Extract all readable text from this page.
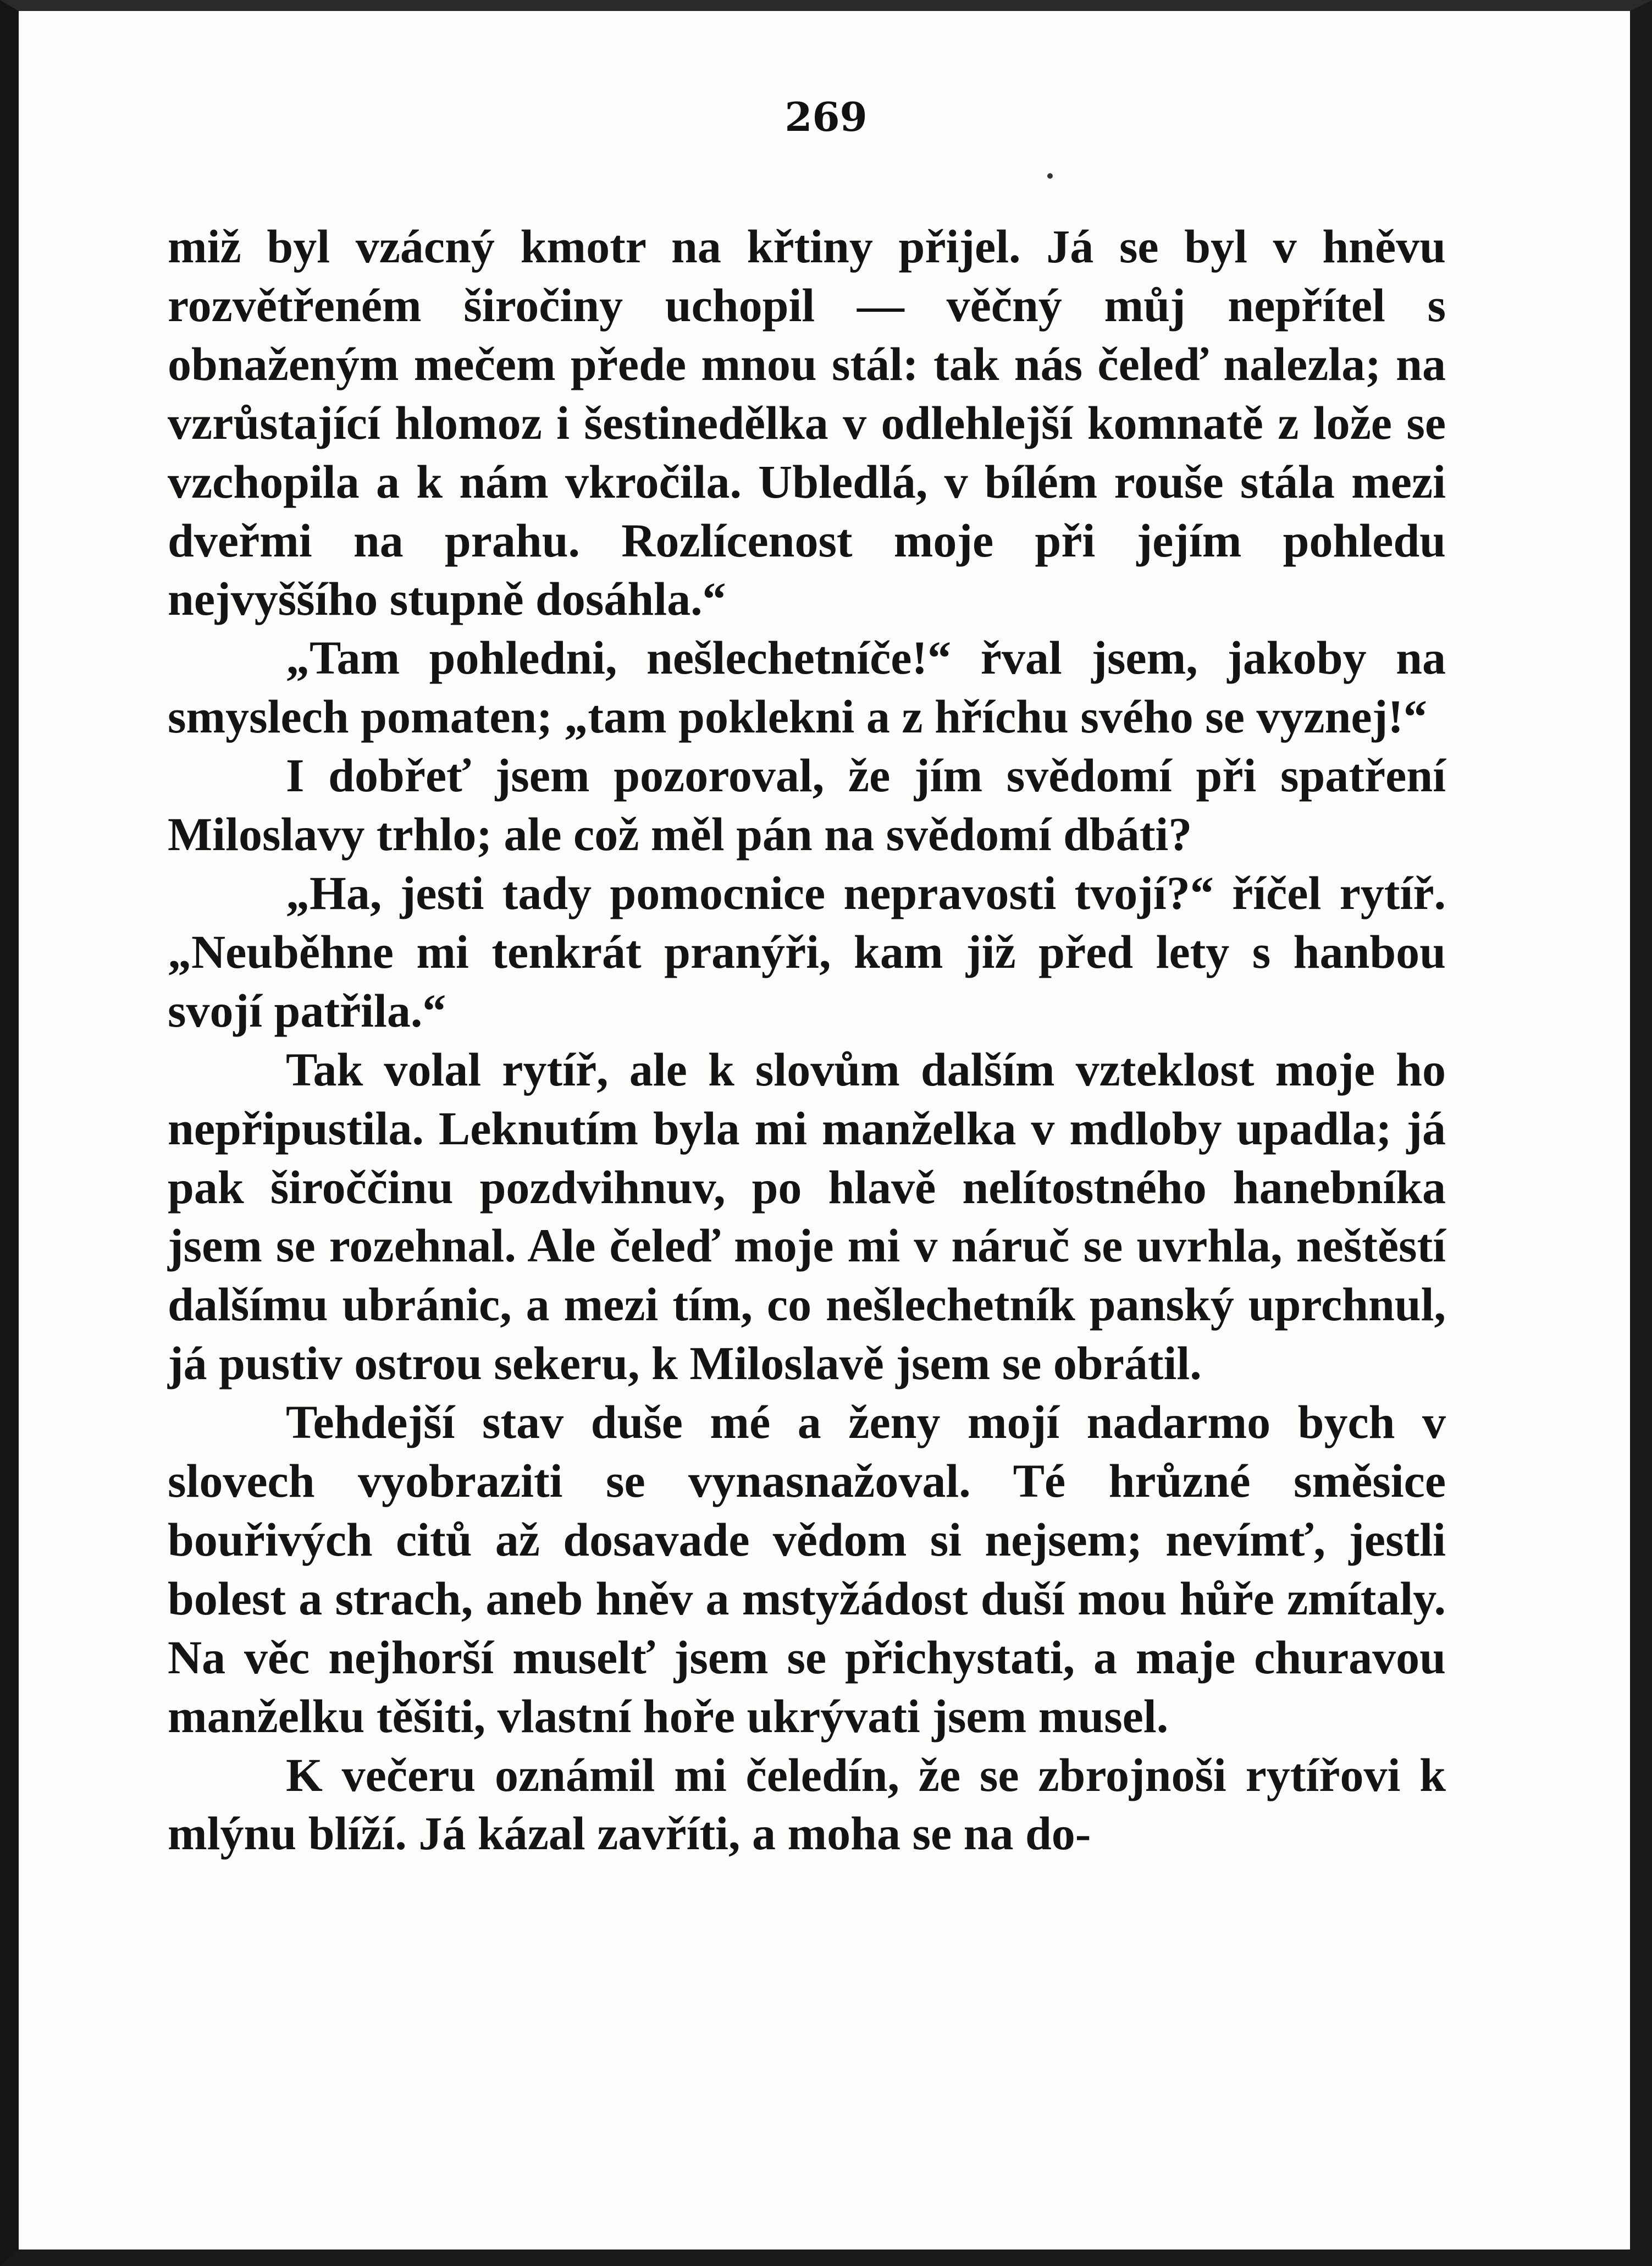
269

miž byl vzácný kmotr na křtiny přijel. Já se byl v hněvu rozvětřeném širočiny uchopil — věčný můj nepřítel s obnaženým mečem přede mnou stál: tak nás čeleď nalezla; na vzrůstající hlomoz i šestinedělka v odlehlejší komnatě z lože se vzchopila a k nám vkročila. Ubledlá, v bílém rouše stála mezi dveřmi na prahu. Rozlícenost moje při jejím pohledu nejvyššího stupně dosáhla.“

„Tam pohledni, nešlechetníče!“ řval jsem, jakoby na smyslech pomaten; „tam poklekni a z hříchu svého se vyznej!“

I dobřeť jsem pozoroval, že jím svědomí při spatření Miloslavy trhlo; ale což měl pán na svědomí dbáti?

„Ha, jesti tady pomocnice nepravosti tvojí?“ říčel rytíř. „Neuběhne mi tenkrát pranýři, kam již před lety s hanbou svojí patřila.“

Tak volal rytíř, ale k slovům dalším vzteklost moje ho nepřipustila. Leknutím byla mi manželka v mdloby upadla; já pak široččinu pozdvihnuv, po hlavě nelítostného hanebníka jsem se rozehnal. Ale čeleď moje mi v náruč se uvrhla, neštěstí dalšímu ubránic, a mezi tím, co nešlechetník panský uprchnul, já pustiv ostrou sekeru, k Miloslavě jsem se obrátil.

Tehdejší stav duše mé a ženy mojí nadarmo bych v slovech vyobraziti se vynasnažoval. Té hrůzné směsice bouřivých citů až dosavade vědom si nejsem; nevímť, jestli bolest a strach, aneb hněv a mstyžádost duší mou hůře zmítaly. Na věc nejhorší muselť jsem se přichystati, a maje churavou manželku těšiti, vlastní hoře ukrývati jsem musel.

K večeru oznámil mi čeledín, že se zbrojnoši rytířovi k mlýnu blíží. Já kázal zavříti, a moha se na do-
